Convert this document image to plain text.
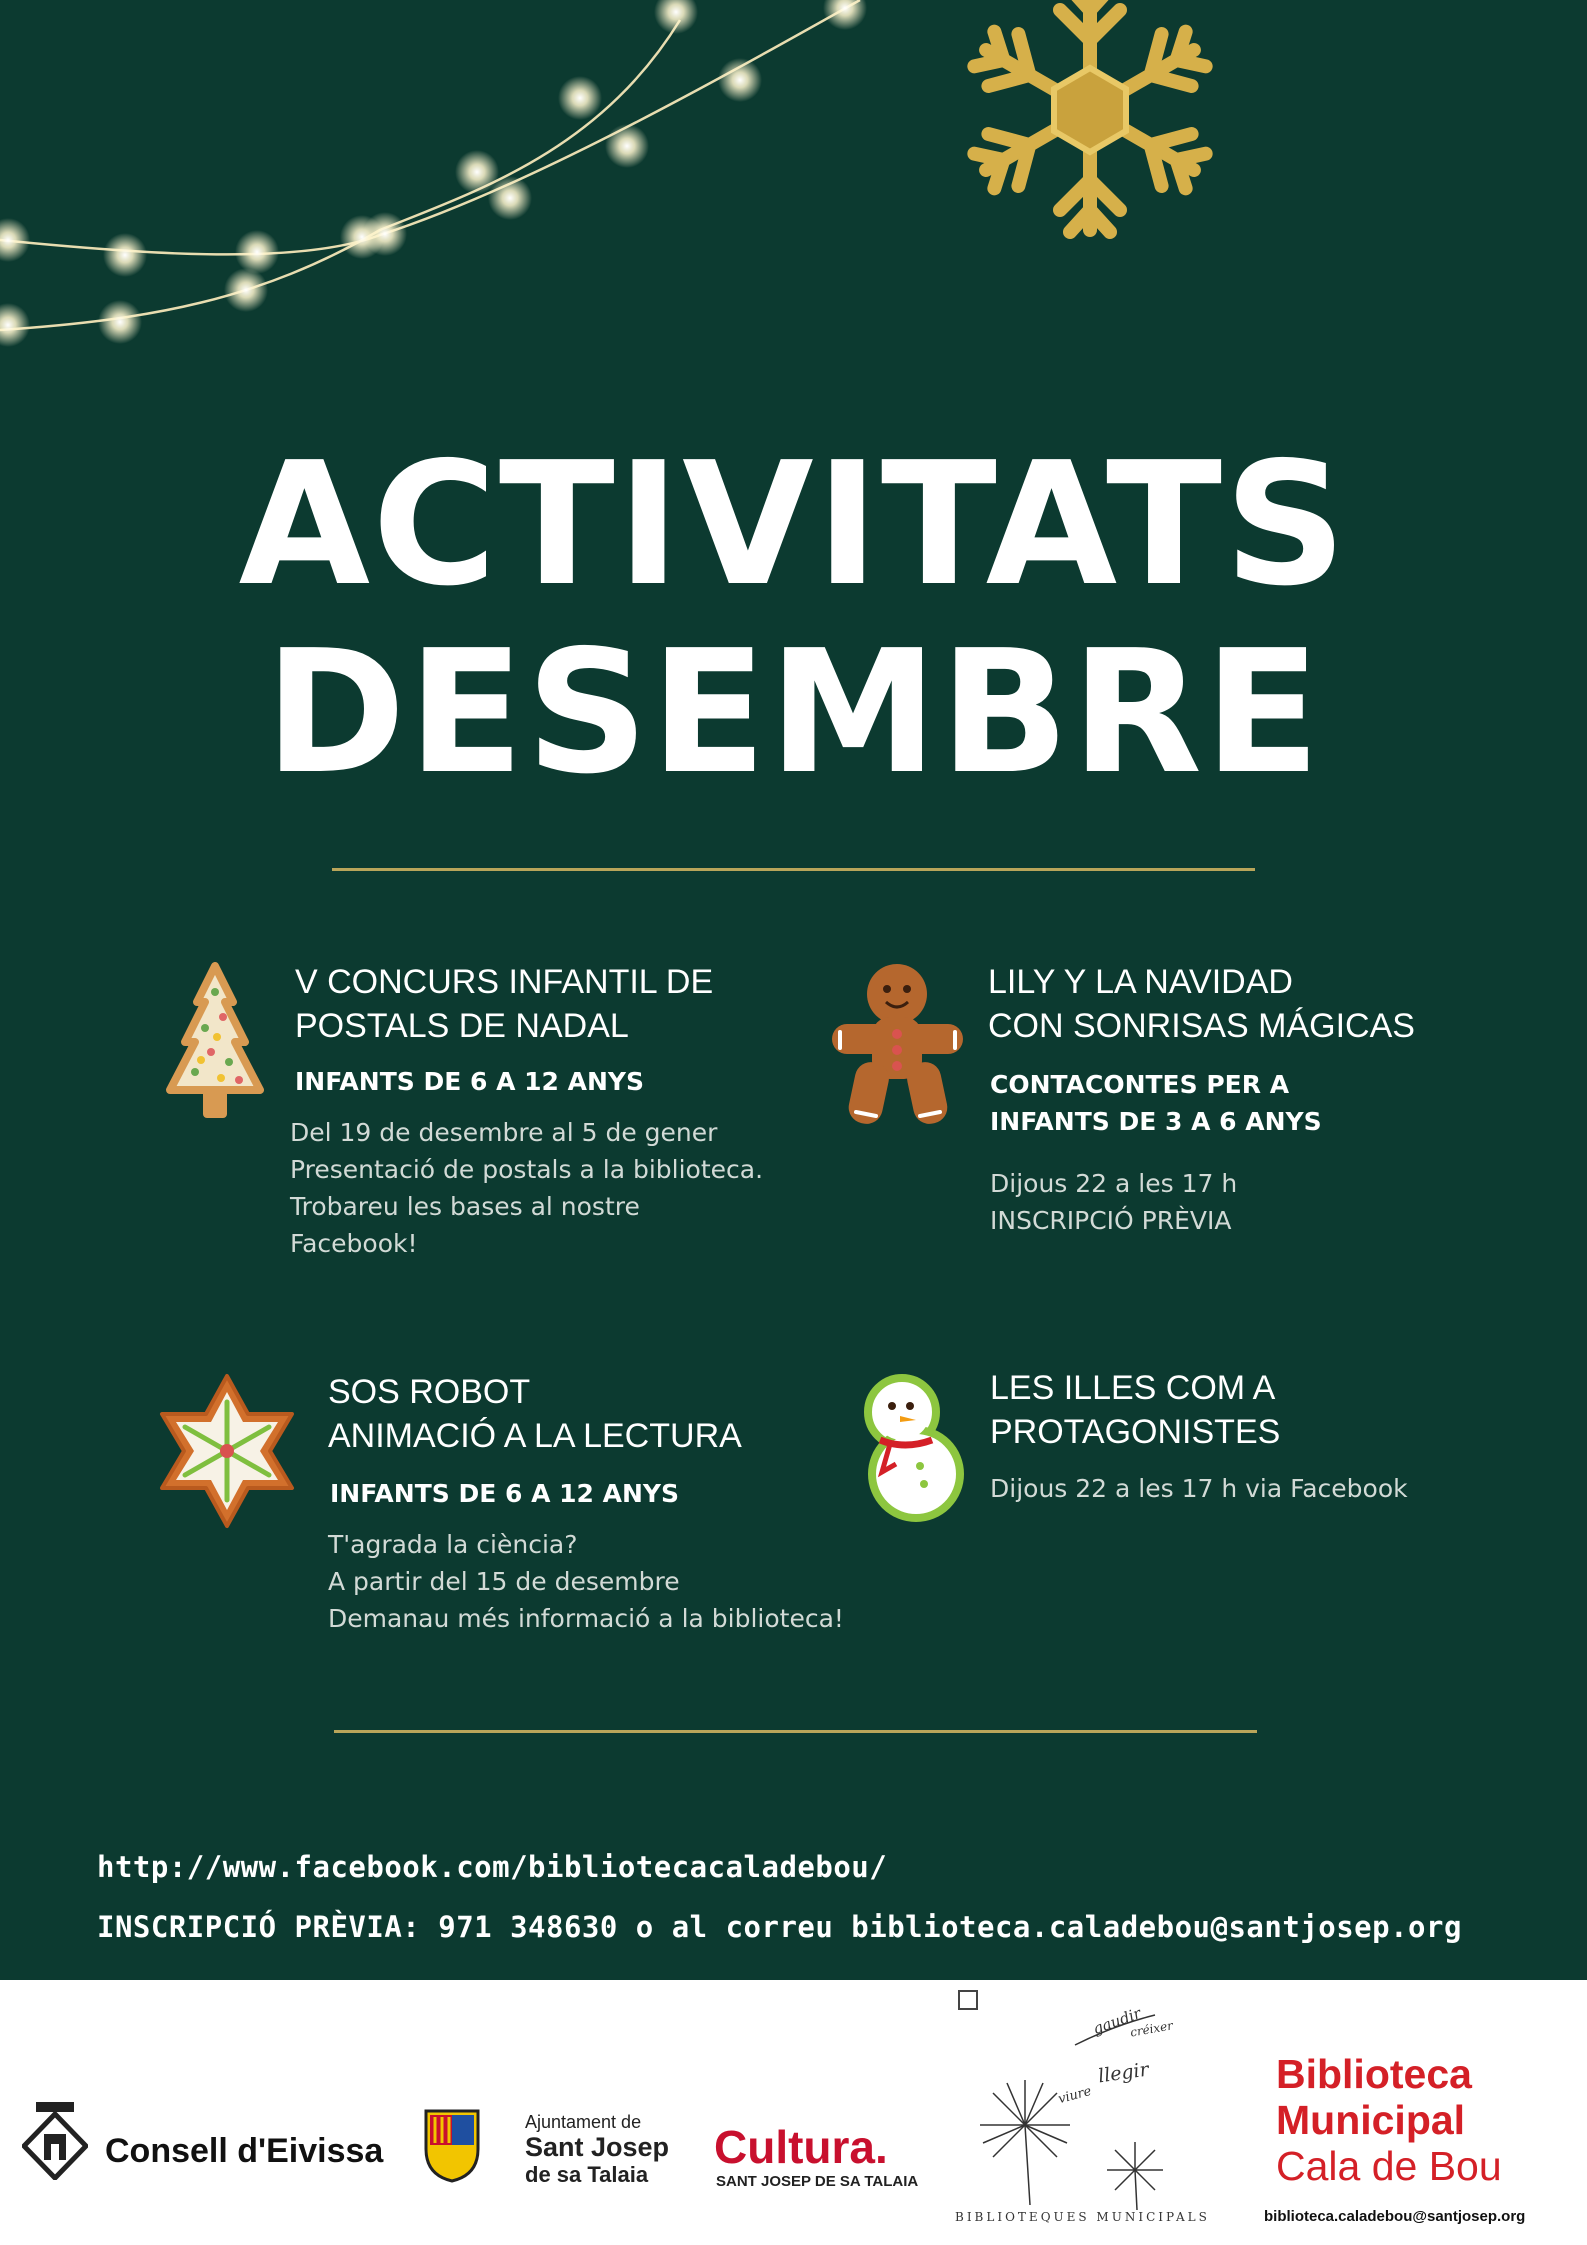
ACTIVITATS
DESEMBRE
V CONCURS INFANTIL DE
POSTALS DE NADAL
INFANTS DE 6 A 12 ANYS
Del 19 de desembre al 5 de gener
Presentació de postals a la biblioteca.
Trobareu les bases al nostre
Facebook!
LILY Y LA NAVIDAD
CON SONRISAS MÁGICAS
CONTACONTES PER A
INFANTS DE 3 A 6 ANYS
Dijous 22 a les 17 h
INSCRIPCIÓ PRÈVIA
SOS ROBOT
ANIMACIÓ A LA LECTURA
INFANTS DE 6 A 12 ANYS
T'agrada la ciència?
A partir del 15 de desembre
Demanau més informació a la biblioteca!
LES ILLES COM A
PROTAGONISTES
Dijous 22 a les 17 h via Facebook
http://www.facebook.com/bibliotecacaladebou/
INSCRIPCIÓ PRÈVIA: 971 348630 o al correu biblioteca.caladebou@santjosep.org
Consell d'Eivissa
Ajuntament de
Sant Josep
de sa Talaia
Cultura.
SANT JOSEP DE SA TALAIA
gaudir
llegir
viure
créixer
BIBLIOTEQUES MUNICIPALS
Biblioteca
Municipal
Cala de Bou
biblioteca.caladebou@santjosep.org
